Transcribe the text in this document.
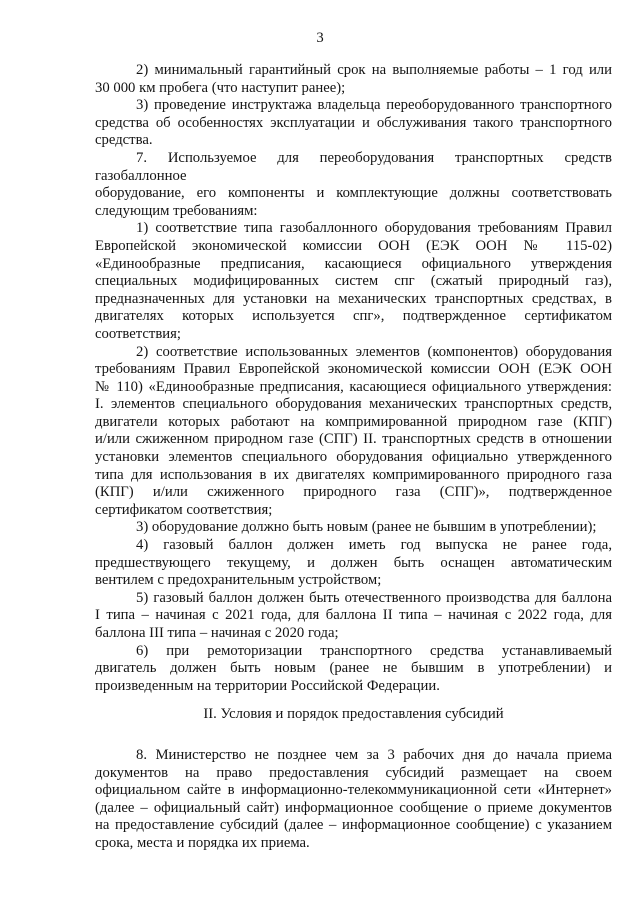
3
2) минимальный гарантийный срок на выполняемые работы – 1 год или
30 000 км пробега (что наступит ранее);
3) проведение инструктажа владельца переоборудованного транспортного
средства об особенностях эксплуатации и обслуживания такого транспортного
средства.
7. Используемое для переоборудования транспортных средств газобаллонное
оборудование, его компоненты и комплектующие должны соответствовать
следующим требованиям:
1) соответствие типа газобаллонного оборудования требованиям Правил
Европейской экономической комиссии ООН (ЕЭК ООН № 115-02)
«Единообразные предписания, касающиеся официального утверждения
специальных модифицированных систем спг (сжатый природный газ),
предназначенных для установки на механических транспортных средствах, в
двигателях которых используется спг», подтвержденное сертификатом
соответствия;
2) соответствие использованных элементов (компонентов) оборудования
требованиям Правил Европейской экономической комиссии ООН (ЕЭК ООН
№ 110) «Единообразные предписания, касающиеся официального утверждения:
I. элементов специального оборудования механических транспортных средств,
двигатели которых работают на компримированной природном газе (КПГ)
и/или сжиженном природном газе (СПГ) II. транспортных средств в отношении
установки элементов специального оборудования официально утвержденного
типа для использования в их двигателях компримированного природного газа
(КПГ) и/или сжиженного природного газа (СПГ)», подтвержденное
сертификатом соответствия;
3) оборудование должно быть новым (ранее не бывшим в употреблении);
4) газовый баллон должен иметь год выпуска не ранее года,
предшествующего текущему, и должен быть оснащен автоматическим
вентилем с предохранительным устройством;
5) газовый баллон должен быть отечественного производства для баллона
I типа – начиная с 2021 года, для баллона II типа – начиная с 2022 года, для
баллона III типа – начиная с 2020 года;
6) при ремоторизации транспортного средства устанавливаемый
двигатель должен быть новым (ранее не бывшим в употреблении) и
произведенным на территории Российской Федерации.
II. Условия и порядок предоставления субсидий
8. Министерство не позднее чем за 3 рабочих дня до начала приема
документов на право предоставления субсидий размещает на своем
официальном сайте в информационно-телекоммуникационной сети «Интернет»
(далее – официальный сайт) информационное сообщение о приеме документов
на предоставление субсидий (далее – информационное сообщение) с указанием
срока, места и порядка их приема.
